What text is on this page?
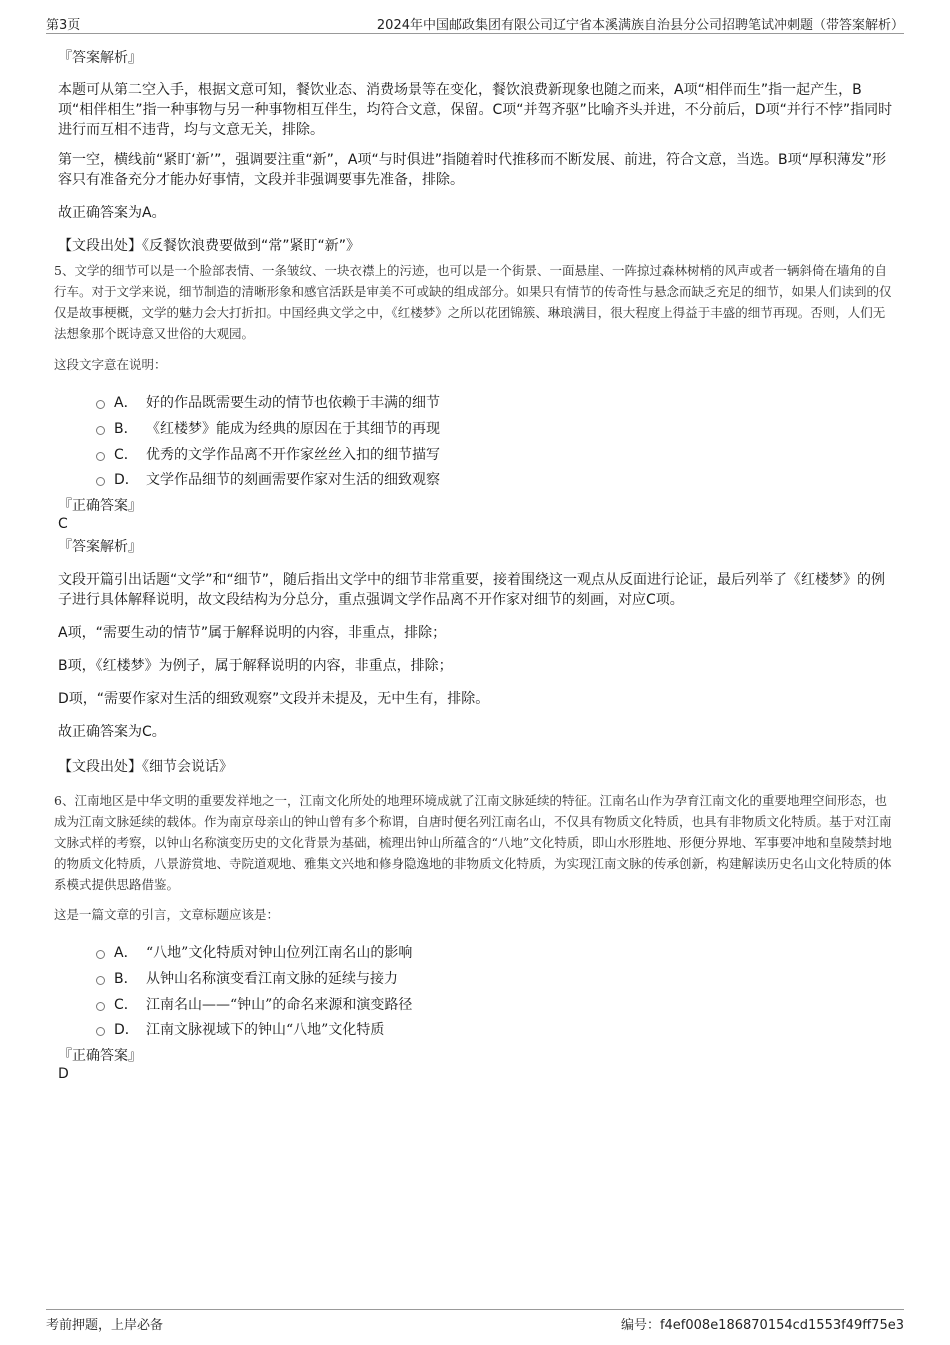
第3页	2024年中国邮政集团有限公司辽宁省本溪满族自治县分公司招聘笔试冲刺题（带答案解析）
『答案解析』
本题可从第二空入手，根据文意可知，餐饮业态、消费场景等在变化，餐饮浪费新现象也随之而来，A项“相伴而生”指一起产生，B项“相伴相生”指一种事物与另一种事物相互伴生，均符合文意，保留。C项“并驾齐驱”比喻齐头并进，不分前后，D项“并行不悖”指同时进行而互相不违背，均与文意无关，排除。
第一空，横线前“紧盯‘新’”，强调要注重“新”，A项“与时俱进”指随着时代推移而不断发展、前进，符合文意，当选。B项“厚积薄发”形容只有准备充分才能办好事情，文段并非强调要事先准备，排除。
故正确答案为A。
【文段出处】《反餐饮浪费要做到“常”紧盯“新”》
5、文学的细节可以是一个脸部表情、一条皱纹、一块衣襟上的污迹，也可以是一个街景、一面悬崖、一阵掠过森林树梢的风声或者一辆斜倚在墙角的自行车。对于文学来说，细节制造的清晰形象和感官活跃是审美不可或缺的组成部分。如果只有情节的传奇性与悬念而缺乏充足的细节，如果人们读到的仅仅是故事梗概，文学的魅力会大打折扣。中国经典文学之中，《红楼梦》之所以花团锦簇、琳琅满目，很大程度上得益于丰盛的细节再现。否则，人们无法想象那个既诗意又世俗的大观园。
这段文字意在说明：
A． 好的作品既需要生动的情节也依赖于丰满的细节
B． 《红楼梦》能成为经典的原因在于其细节的再现
C． 优秀的文学作品离不开作家丝丝入扣的细节描写
D． 文学作品细节的刻画需要作家对生活的细致观察
『正确答案』
C
『答案解析』
文段开篇引出话题“文学”和“细节”，随后指出文学中的细节非常重要，接着围绕这一观点从反面进行论证，最后列举了《红楼梦》的例子进行具体解释说明，故文段结构为分总分，重点强调文学作品离不开作家对细节的刻画，对应C项。
A项，“需要生动的情节”属于解释说明的内容，非重点，排除；
B项，《红楼梦》为例子，属于解释说明的内容，非重点，排除；
D项，“需要作家对生活的细致观察”文段并未提及，无中生有，排除。
故正确答案为C。
【文段出处】《细节会说话》
6、江南地区是中华文明的重要发祥地之一，江南文化所处的地理环境成就了江南文脉延续的特征。江南名山作为孕育江南文化的重要地理空间形态，也成为江南文脉延续的载体。作为南京母亲山的钟山曾有多个称谓，自唐时便名列江南名山，不仅具有物质文化特质，也具有非物质文化特质。基于对江南文脉式样的考察，以钟山名称演变历史的文化背景为基础，梳理出钟山所蕴含的“八地”文化特质，即山水形胜地、形便分界地、军事要冲地和皇陵禁封地的物质文化特质，八景游赏地、寺院道观地、雅集文兴地和修身隐逸地的非物质文化特质，为实现江南文脉的传承创新，构建解读历史名山文化特质的体系模式提供思路借鉴。
这是一篇文章的引言，文章标题应该是：
A． “八地”文化特质对钟山位列江南名山的影响
B． 从钟山名称演变看江南文脉的延续与接力
C． 江南名山——“钟山”的命名来源和演变路径
D． 江南文脉视域下的钟山“八地”文化特质
『正确答案』
D
考前押题，上岸必备	编号：f4ef008e186870154cd1553f49ff75e3
